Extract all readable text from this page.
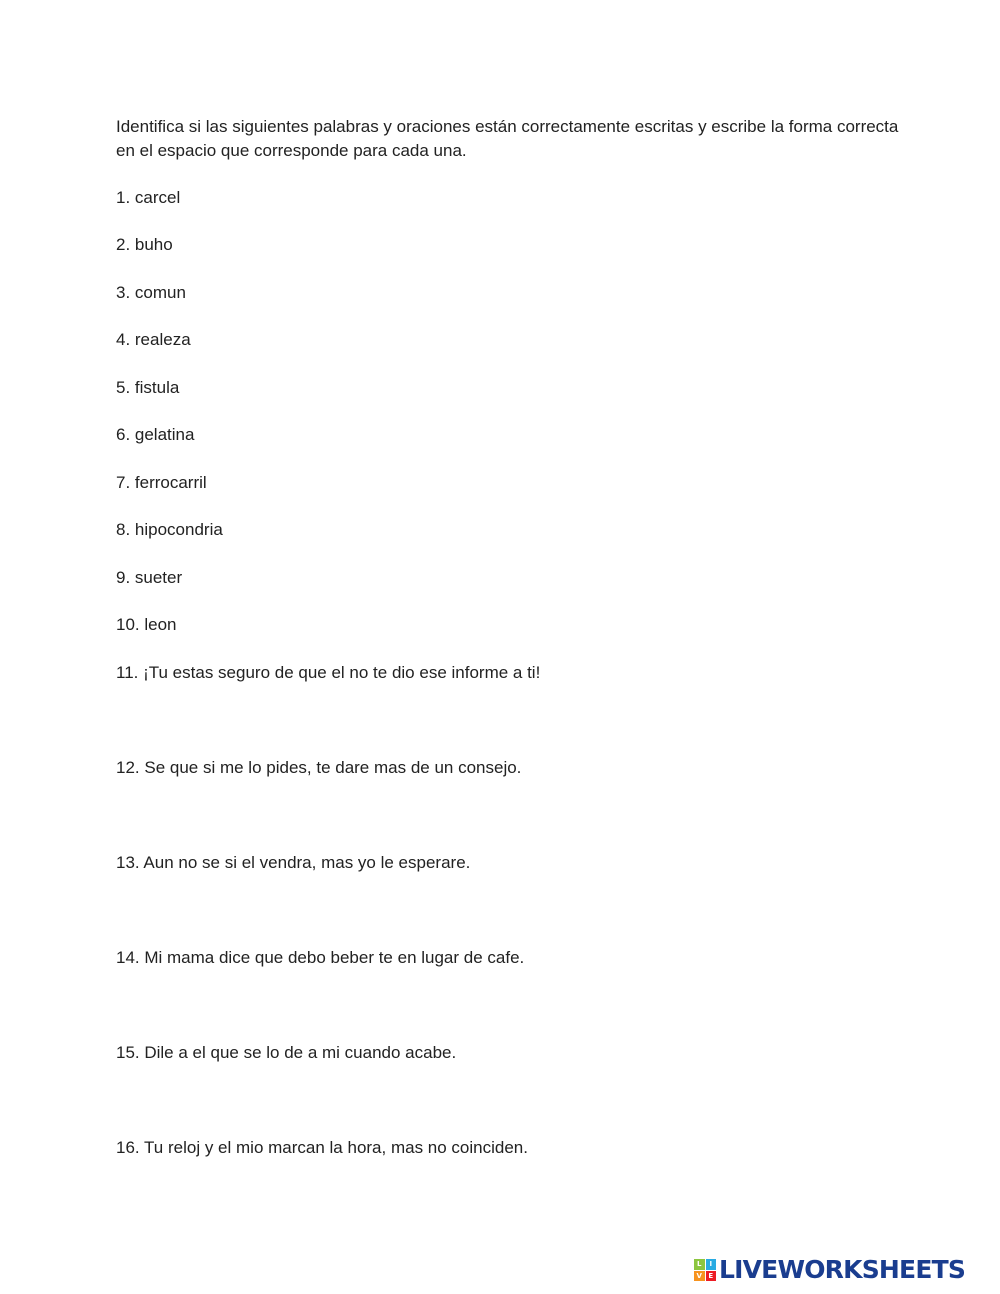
Identifica si las siguientes palabras y oraciones están correctamente escritas y escribe la forma correcta en el espacio que corresponde para cada una.

1. carcel
2. buho
3. comun
4. realeza
5. fistula
6. gelatina
7. ferrocarril
8. hipocondria
9. sueter
10. leon
11. ¡Tu estas seguro de que el no te dio ese informe a ti!
12. Se que si me lo pides, te dare mas de un consejo.
13. Aun no se si el vendra, mas yo le esperare.
14. Mi mama dice que debo beber te en lugar de cafe.
15. Dile a el que se lo de a mi cuando acabe.
16. Tu reloj y el mio marcan la hora, mas no coinciden.
L	I
V E LIVEWORKSHEETS
